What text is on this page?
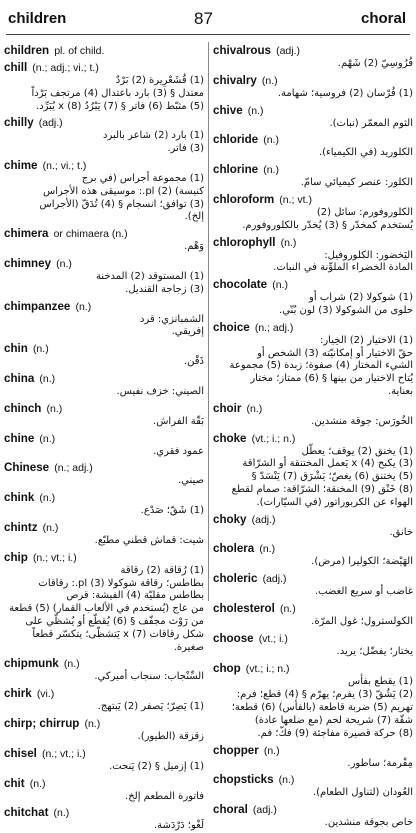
children	87	choral
children pl. of child.
chill (n.; adj.; vi.; t.)
(1) قُشَعْرِيرة (2) بَرْدٌ
معتدل § (3) بارد باعتدال (4) مرتجف بَرْداً
(5) مثبّط (6) فاتر § (7) يَبْرُدُ x (8) يُبَرِّد.
chilly (adj.)
(1) بارد (2) شاعر بالبرد
(3) فاتر.
chime (n.; vi.; t.)
(1) مجموعة أجراس (في برج
كنيسة) (2) pl.: موسيقى هذه الأجراس
(3) توافق؛ انسجام § (4) تُدَقّ (الأجراس
إلخ).
chimera or chimaera (n.)
وَهْم.
chimney (n.)
(1) المستوقد (2) المدخنة
(3) زجاجة القنديل.
chimpanzee (n.)
الشمبانزي: قرد
إفريقي.
chin (n.)
ذَقْن.
china (n.)
الصيني: خزف نفيس.
chinch (n.)
بَقّة الفراش.
chine (n.)
عمود فقري.
Chinese (n.; adj.)
صيني.
chink (n.)
(1) شَقّ؛ صَدْع.
chintz (n.)
شيت: قماش قطني مطبّع.
chip (n.; vt.; i.)
(1) رُقاقة (2) رقاقة
بطاطس؛ رقاقة شوكولا (3) pl.: رقاقات بطاطس مقليّة (4) الفيشة: قرص
من عاج (يُستخدم في الألعاب القمار) (5) قطعة
من رَوْث مجفّف § (6) يُقطّع أو يُشظّي على
شكل رقاقات x (7) يَتشظّى؛ يتكسّر قطعاً
صغيرة.
chipmunk (n.)
السِّنْجاب: سنجاب أميركي.
chirk (vi.)
(1) يَصِرّ؛ يَصفر (2) يَبتهج.
chirp; chirrup (n.)
زقزقة (الطيور).
chisel (n.; vt.; i.)
(1) إزميل § (2) يَنحت.
chit (n.)
فاتورة المطعم إلخ.
chitchat (n.)
لَغْو؛ دَرْدَشة.
chivalrous (adj.)
فُرُوسِيّ (2) شَهْم.
chivalry (n.)
(1) فُرْسان (2) فروسية؛ شهامة.
chive (n.)
الثوم المعمّر (نبات).
chloride (n.)
الكلوريد (في الكيمياء).
chlorine (n.)
الكلور: عنصر كيميائي سامّ.
chloroform (n.; vt.)
الكلوروفورم: سائل (2)
يُستخدم كمخدّر § (3) يُخدّر بالكلوروفورم.
chlorophyll (n.)
اليَخضور: الكلوروفيل:
المادة الخضراء الملوِّنة في النبات.
chocolate (n.)
(1) شوكولا (2) شراب أو
حلوى من الشوكولا (3) لون بُنّي.
choice (n.; adj.)
(1) الاختيار (2) الخِيار:
حقّ الاختيار أو إمكانيّته (3) الشخص أو
الشيء المختار (4) صفوة؛ زبدة (5) مجموعة
يُتاح الاختيار من بينها § (6) ممتاز؛ مختار
بعناية.
choir (n.)
الخُورَس: جوقة منشدين.
choke (vt.; i.; n.)
(1) يخنق (2) يوقف؛ يعطّل
(3) يكبح x (4) يَعمل المختنقة أو الشرّاقة
(5) يختنق (6) يغصّ؛ يَشْرَق (7) يَنْسَدّ §
(8) خَنْق (9) المخنقة؛ الشرّاقة: صمام لقطع
الهواء عن الكربوراتور (في السيّارات).
choky (adj.)
خانق.
cholera (n.)
الهَيْضة؛ الكوليرا (مرض).
choleric (adj.)
غاضب أو سريع الغضب.
cholesterol (n.)
الكولسترول؛ غول المرّة.
choose (vt.; i.)
يختار؛ يفضّل؛ يريد.
chop (vt.; i.; n.)
(1) يقطع بفأس
(2) يَشُقّ (3) يفرم؛ يهرّم § (4) قطع؛ فرم:
تهريم (5) ضربة قاطعة (بالفأس) (6) قطعة؛
شقّة (7) شريحة لحم (مع ضلعها عادة)
(8) حركة قصيرة مفاجئة (9) فكّ؛ فم.
chopper (n.)
مِفْرمة؛ ساطور.
chopsticks (n.)
العُودان (لتناول الطعام).
choral (adj.)
خاص بجوقة منشدين.
